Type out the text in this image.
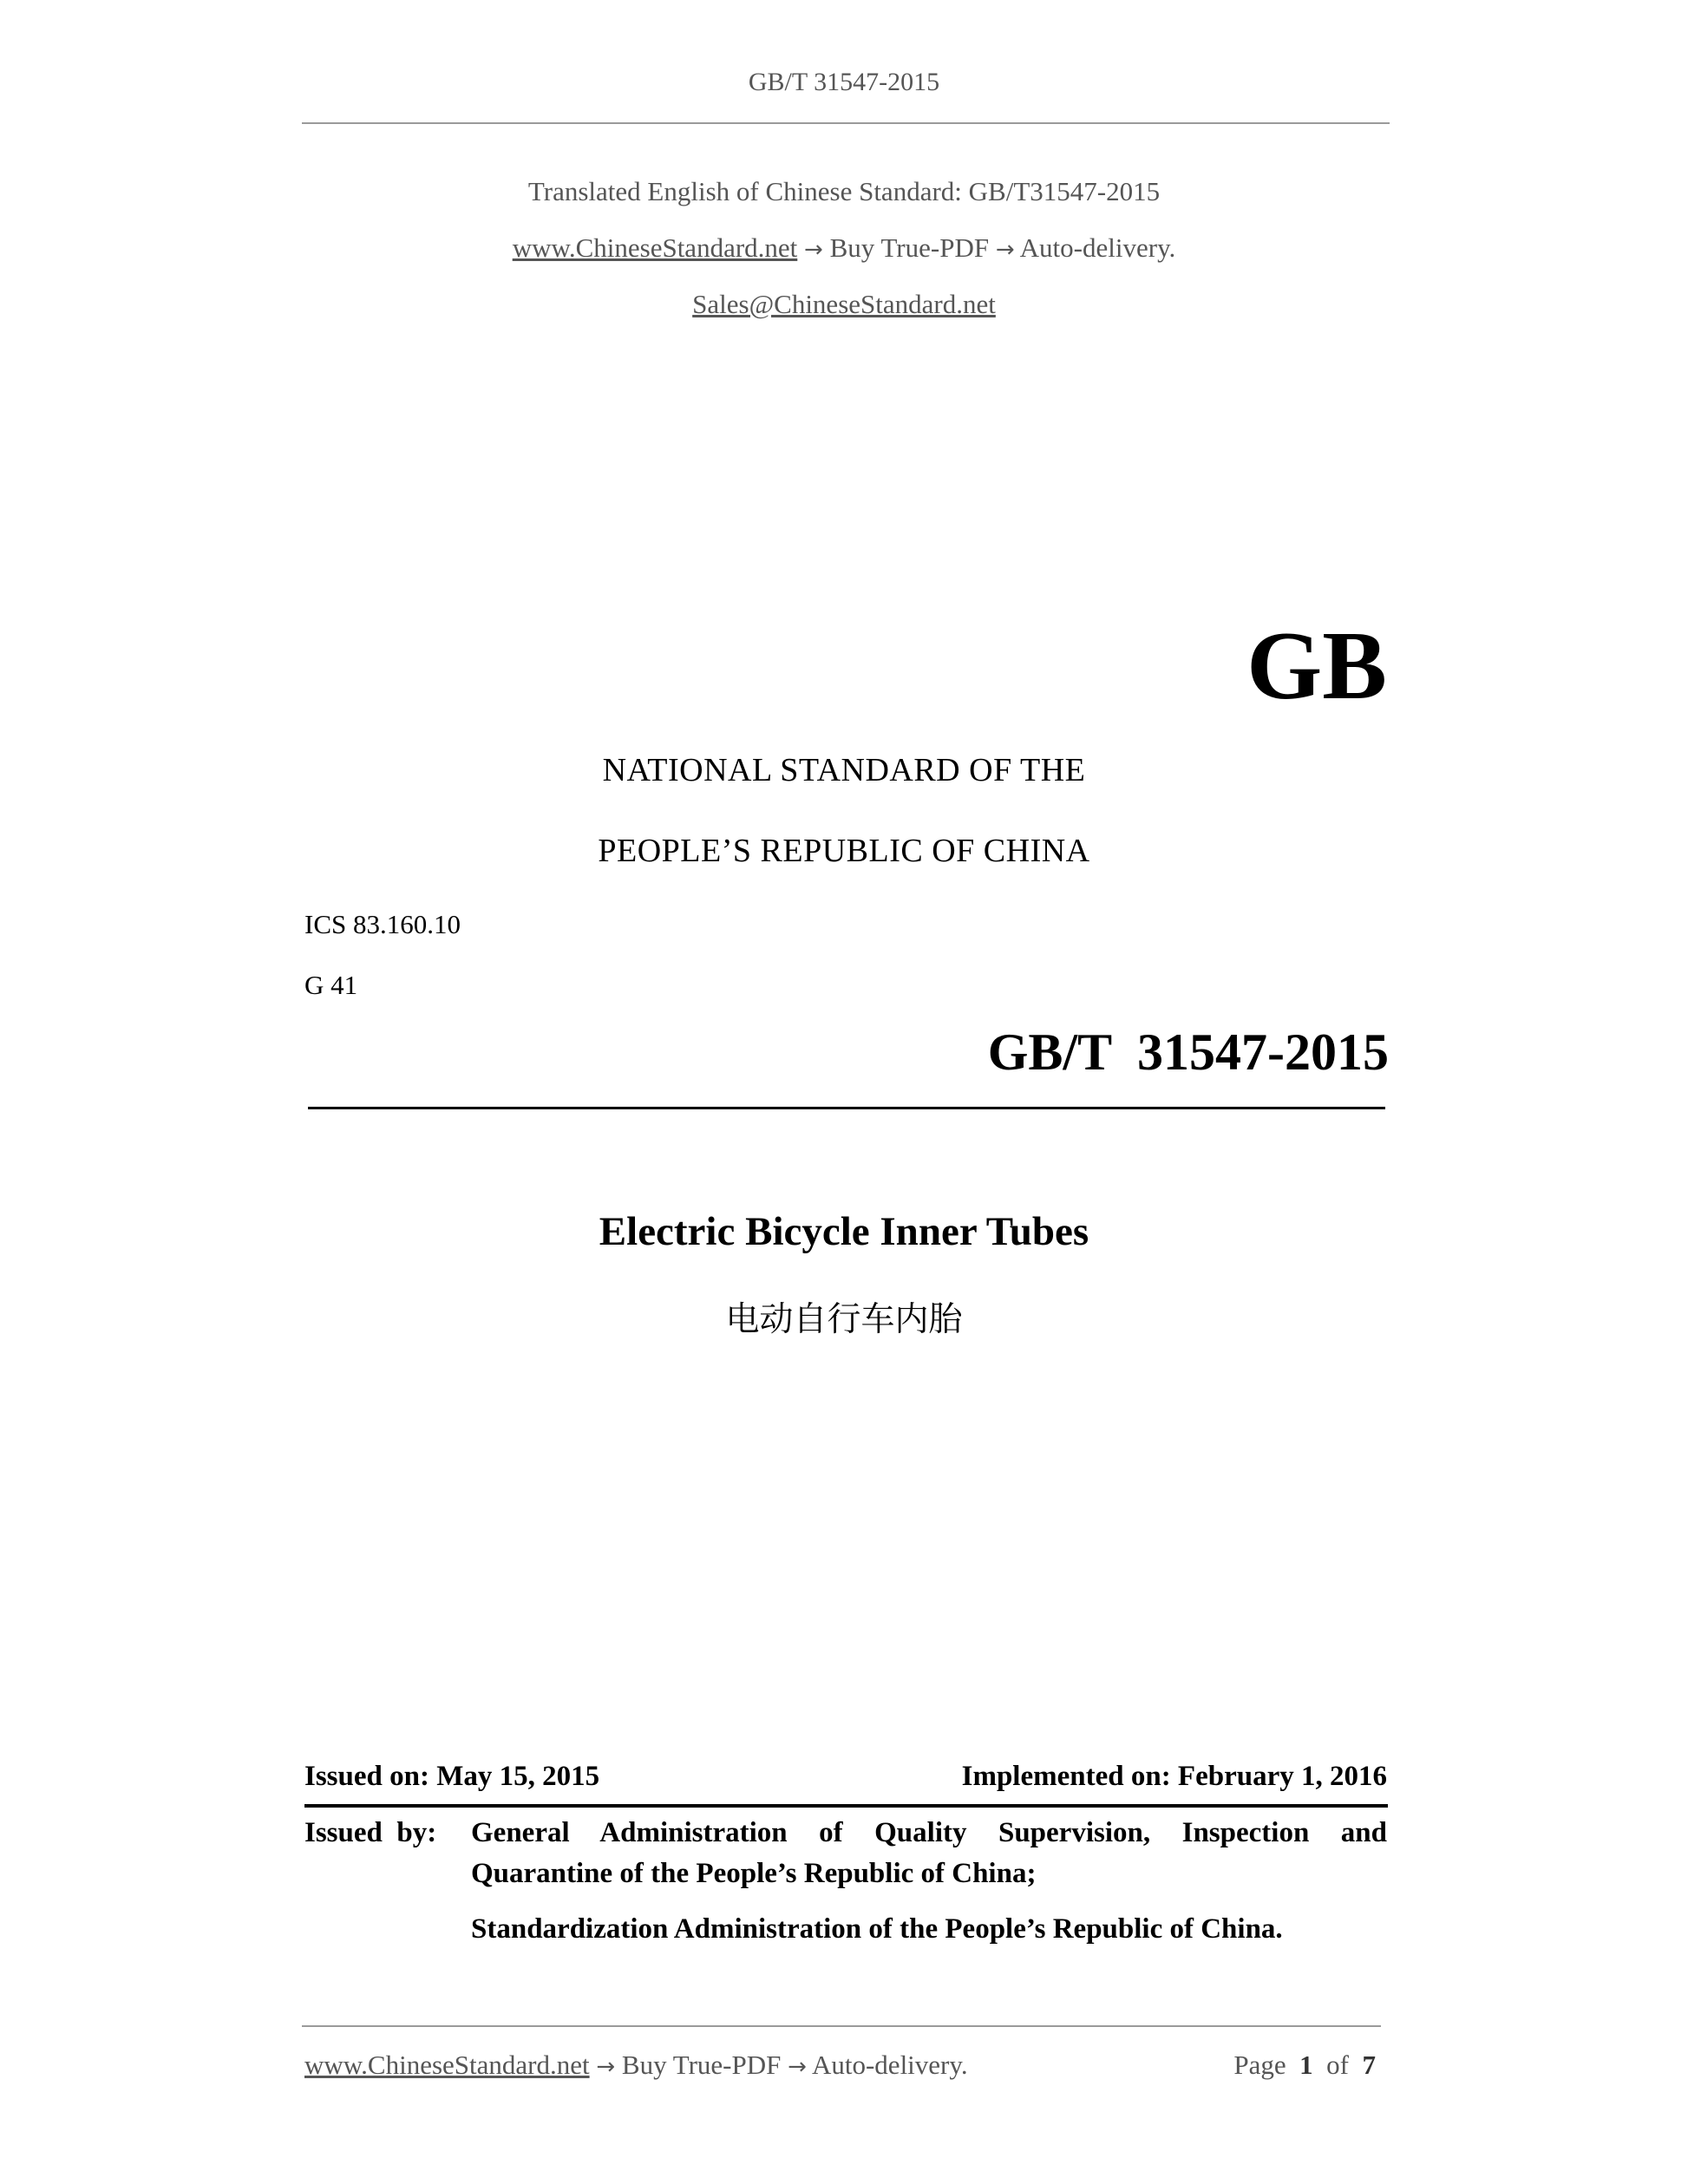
GB/T 31547-2015
Translated English of Chinese Standard: GB/T31547-2015
www.ChineseStandard.net → Buy True-PDF → Auto-delivery.
Sales@ChineseStandard.net
GB
NATIONAL STANDARD OF THE
PEOPLE’S REPUBLIC OF CHINA
ICS 83.160.10
G 41
GB/T  31547-2015
Electric Bicycle Inner Tubes
电动自行车内胎
Issued on: May 15, 2015	Implemented on: February 1, 2016
Issued  by: General Administration of Quality Supervision, Inspection and
Quarantine of the People’s Republic of China;
Standardization Administration of the People’s Republic of China.
www.ChineseStandard.net → Buy True-PDF → Auto-delivery.	Page 1 of 7
